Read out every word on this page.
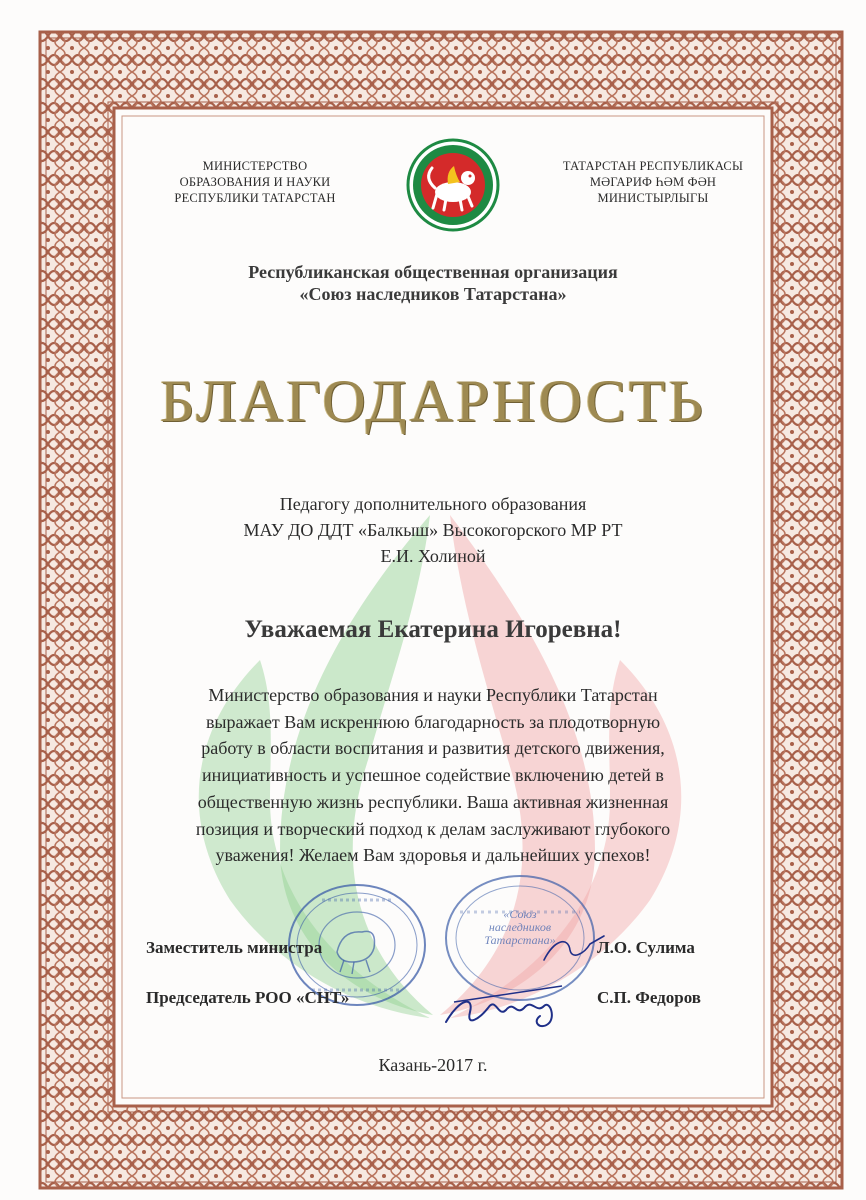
МИНИСТЕРСТВО
ОБРАЗОВАНИЯ И НАУКИ
РЕСПУБЛИКИ ТАТАРСТАН
ТАТАРСТАН РЕСПУБЛИКАСЫ
МӘГАРИФ ҺӘМ ФӘН
МИНИСТЫРЛЫГЫ
Республиканская общественная организация
«Союз наследников Татарстана»
БЛАГОДАРНОСТЬ
Педагогу дополнительного образования
МАУ ДО ДДТ «Балкыш» Высокогорского МР РТ
Е.И. Холиной
Уважаемая Екатерина Игоревна!
Министерство образования и науки Республики Татарстан
выражает Вам искреннюю благодарность за плодотворную
работу в области воспитания и развития детского движения,
инициативность и успешное содействие включению детей в
общественную жизнь республики. Ваша активная жизненная
позиция и творческий подход к делам заслуживают глубокого
уважения! Желаем Вам здоровья и дальнейших успехов!
«Союз наследников Татарстана»
Заместитель министра	Л.О. Сулима
Председатель РОО «СНТ»	С.П. Федоров
Казань-2017 г.
